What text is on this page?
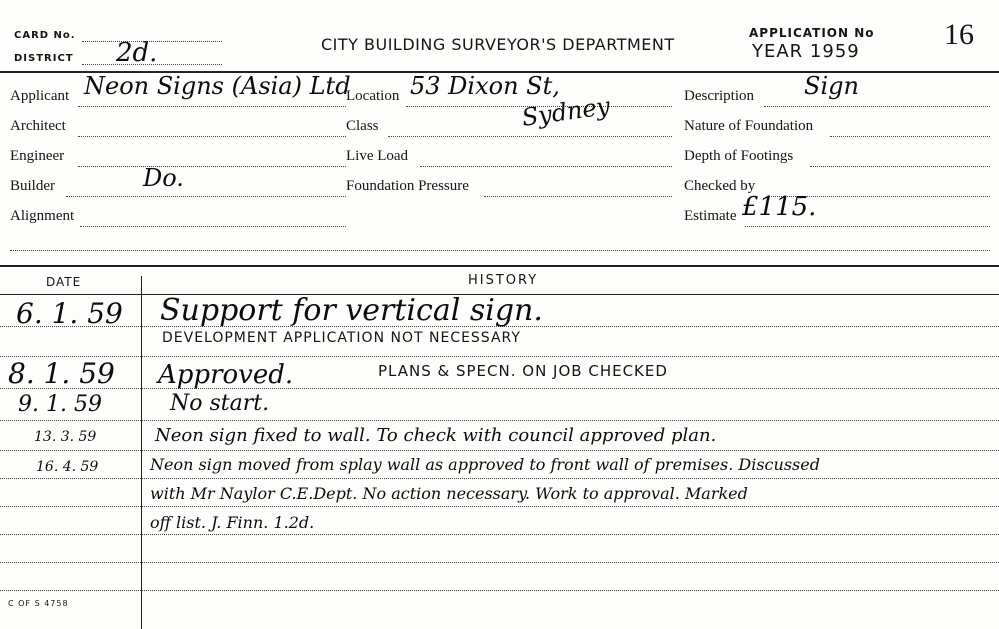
CARD No.
DISTRICT 2d.	CITY BUILDING SURVEYOR'S DEPARTMENT
APPLICATION No
YEAR 1959
16
Applicant Neon Signs (Asia) Ltd
Architect
Engineer
Builder	Do.
Alignment
Location 53 Dixon St,
Class	Sydney
Live Load
Foundation Pressure
Description Sign
Nature of Foundation
Depth of Footings
Checked by
Estimate £115.
DATE	HISTORY
6. 1. 59 Support for vertical sign.
DEVELOPMENT APPLICATION NOT NECESSARY
8. 1. 59 Approved.	PLANS & SPECN. ON JOB CHECKED
9. 1. 59	No start.
13. 3. 59	Neon sign fixed to wall. To check with council approved plan.
16. 4. 59	Neon sign moved from splay wall as approved to front wall of premises. Discussed
with Mr Naylor C.E.Dept. No action necessary. Work to approval. Marked
off list. J. Finn. 1.2d.
C OF S 4758
